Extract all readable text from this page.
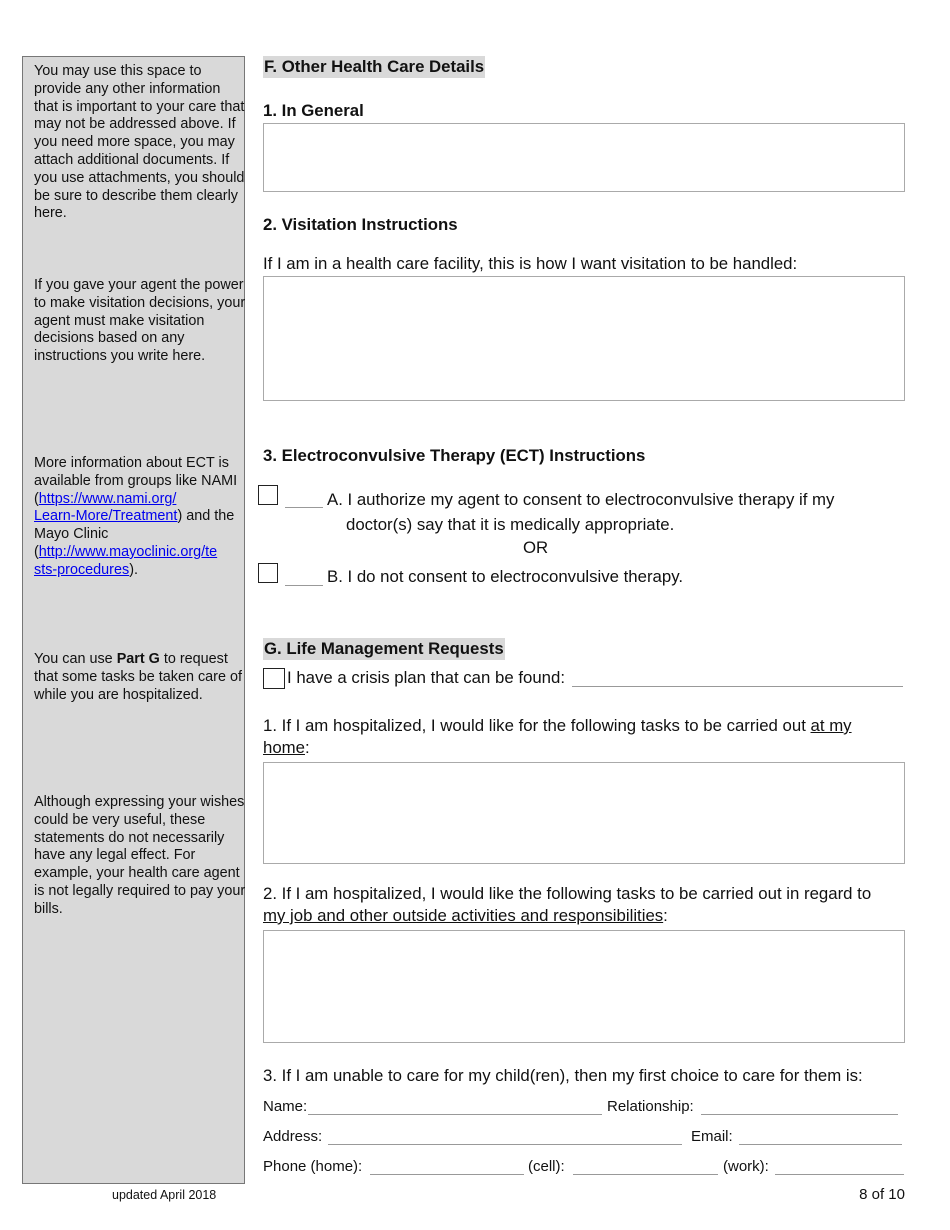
You may use this space to provide any other information that is important to your care that may not be addressed above. If you need more space, you may attach additional documents. If you use attachments, you should be sure to describe them clearly here.
If you gave your agent the power to make visitation decisions, your agent must make visitation decisions based on any instructions you write here.
More information about ECT is available from groups like NAMI (https://www.nami.org/
Learn-More/Treatment) and the Mayo Clinic (http://www.mayoclinic.org/te
sts-procedures).
You can use Part G to request that some tasks be taken care of while you are hospitalized.
Although expressing your wishes could be very useful, these statements do not necessarily have any legal effect. For example, your health care agent is not legally required to pay your bills.
F. Other Health Care Details
1. In General
2. Visitation Instructions
If I am in a health care facility, this is how I want visitation to be handled:
3. Electroconvulsive Therapy (ECT) Instructions
A. I authorize my agent to consent to electroconvulsive therapy if my
doctor(s) say that it is medically appropriate.
OR
B. I do not consent to electroconvulsive therapy.
G. Life Management Requests
I have a crisis plan that can be found:
1. If I am hospitalized, I would like for the following tasks to be carried out at my
home:
2. If I am hospitalized, I would like the following tasks to be carried out in regard to
my job and other outside activities and responsibilities:
3. If I am unable to care for my child(ren), then my first choice to care for them is:
Name:	Relationship:
Address:	Email:
Phone (home):	(cell):	(work):
updated April 2018	8 of 10
